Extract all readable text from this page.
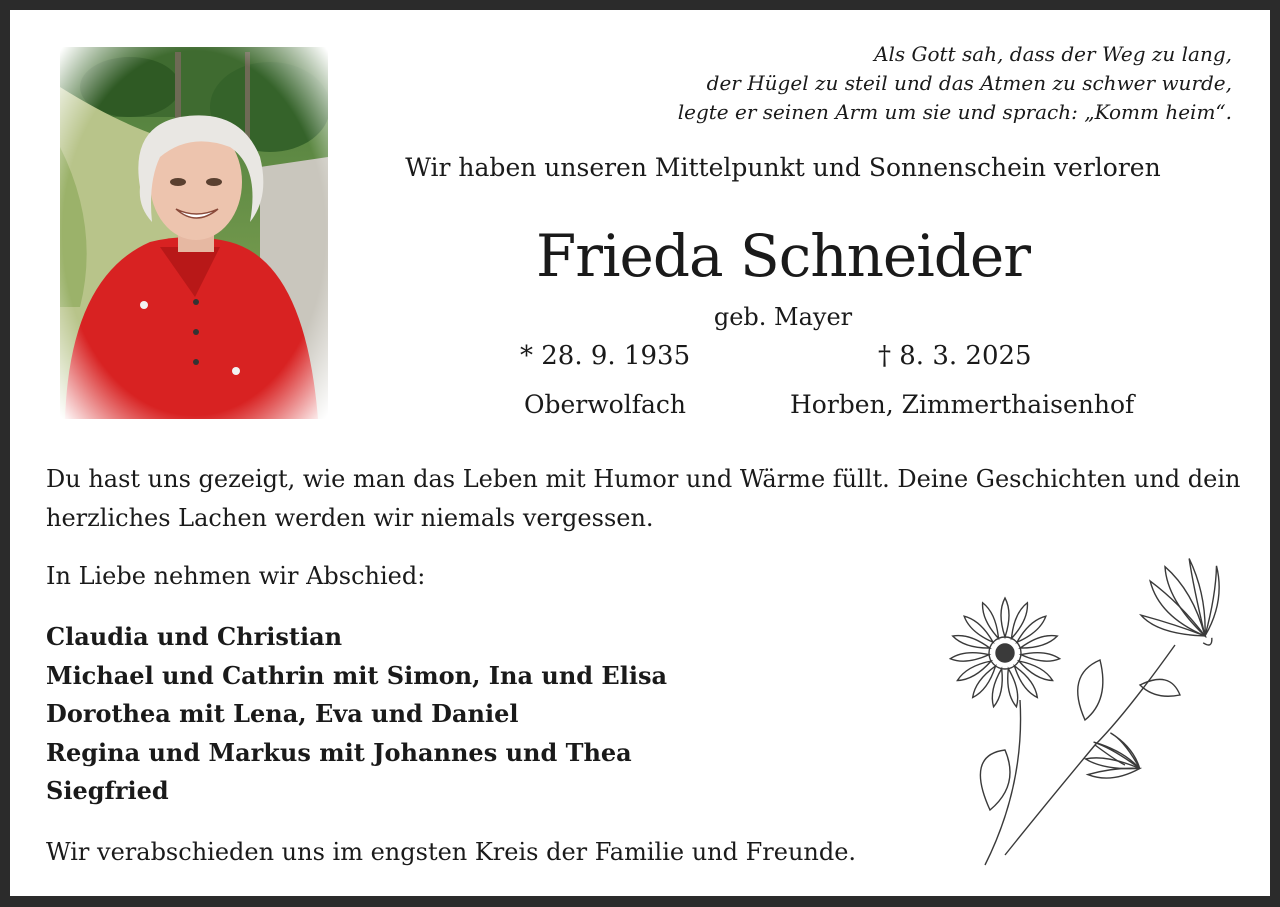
Als Gott sah, dass der Weg zu lang,
der Hügel zu steil und das Atmen zu schwer wurde,
legte er seinen Arm um sie und sprach: „Komm heim“.
Wir haben unseren Mittelpunkt und Sonnenschein verloren
Frieda Schneider
geb. Mayer
* 28. 9. 1935	† 8. 3. 2025
Oberwolfach	Horben, Zimmerthaisenhof
Du hast uns gezeigt, wie man das Leben mit Humor und Wärme füllt. Deine Geschichten und dein herzliches Lachen werden wir niemals vergessen.
In Liebe nehmen wir Abschied:
Claudia und Christian
Michael und Cathrin mit Simon, Ina und Elisa
Dorothea mit Lena, Eva und Daniel
Regina und Markus mit Johannes und Thea
Siegfried
Wir verabschieden uns im engsten Kreis der Familie und Freunde.
